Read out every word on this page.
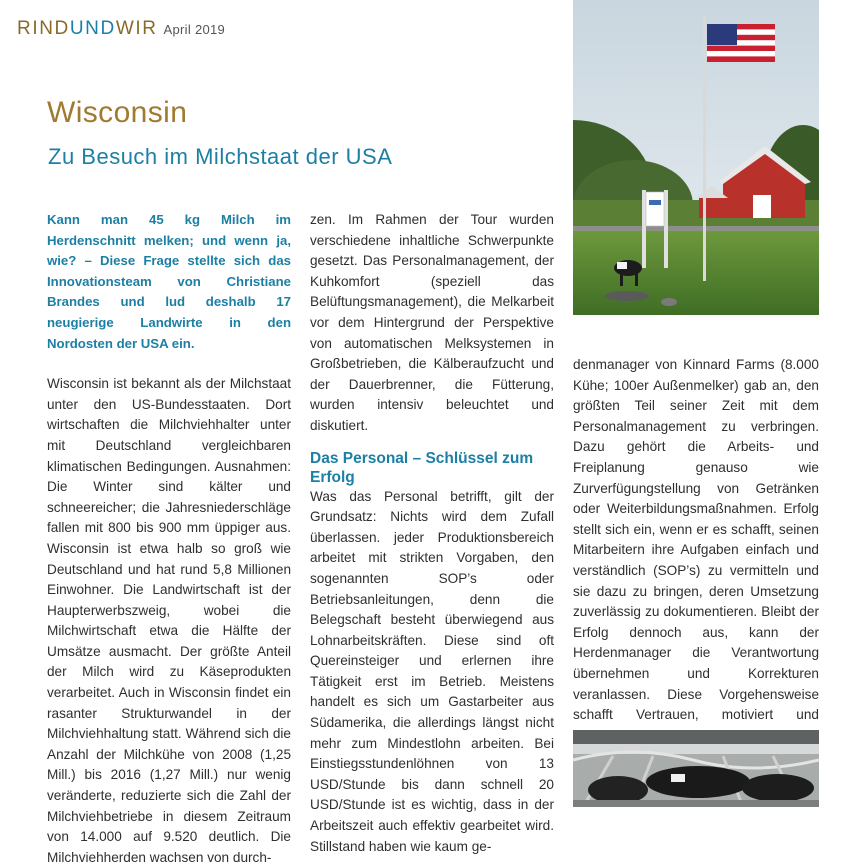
RINDUNDWIR April 2019
Wisconsin
Zu Besuch im Milchstaat der USA

Kann man 45 kg Milch im Herdenschnitt melken; und wenn ja, wie? – Diese Frage stellte sich das Innovationsteam von Christiane Brandes und lud deshalb 17 neugierige Landwirte in den Nordosten der USA ein.

Wisconsin ist bekannt als der Milchstaat unter den US-Bundesstaaten. Dort wirtschaften die Milchviehhalter unter mit Deutschland vergleichbaren klimatischen Bedingungen. Ausnahmen: Die Winter sind kälter und schneereicher; die Jahresniederschläge fallen mit 800 bis 900 mm üppiger aus. Wisconsin ist etwa halb so groß wie Deutschland und hat rund 5,8 Millionen Einwohner. Die Landwirtschaft ist der Haupterwerbszweig, wobei die Milchwirtschaft etwa die Hälfte der Umsätze ausmacht. Der größte Anteil der Milch wird zu Käseprodukten verarbeitet. Auch in Wisconsin findet ein rasanter Strukturwandel in der Milchviehhaltung statt. Während sich die Anzahl der Milchkühe von 2008 (1,25 Mill.) bis 2016 (1,27 Mill.) nur wenig veränderte, reduzierte sich die Zahl der Milchviehbetriebe in diesem Zeitraum von 14.000 auf 9.520 deutlich. Die Milchviehherden wachsen von durch-

zen. Im Rahmen der Tour wurden verschiedene inhaltliche Schwerpunkte gesetzt. Das Personalmanagement, der Kuhkomfort (speziell das Belüftungsmanagement), die Melkarbeit vor dem Hintergrund der Perspektive von automatischen Melksystemen in Großbetrieben, die Kälberaufzucht und der Dauerbrenner, die Fütterung, wurden intensiv beleuchtet und diskutiert.

Das Personal – Schlüssel zum Erfolg

Was das Personal betrifft, gilt der Grundsatz: Nichts wird dem Zufall überlassen. jeder Produktionsbereich arbeitet mit strikten Vorgaben, den sogenannten SOP’s oder Betriebsanleitungen, denn die Belegschaft besteht überwiegend aus Lohnarbeitskräften. Diese sind oft Quereinsteiger und erlernen ihre Tätigkeit erst im Betrieb. Meistens handelt es sich um Gastarbeiter aus Südamerika, die allerdings längst nicht mehr zum Mindestlohn arbeiten. Bei Einstiegsstundenlöhnen von 13 USD/Stunde bis dann schnell 20 USD/Stunde ist es wichtig, dass in der Arbeitszeit auch effektiv gearbeitet wird. Stillstand haben wie kaum ge-

denmanager von Kinnard Farms (8.000 Kühe; 100er Außenmelker) gab an, den größten Teil seiner Zeit mit dem Personalmanagement zu verbringen. Dazu gehört die Arbeits- und Freiplanung genauso wie Zurverfügungstellung von Getränken oder Weiterbildungsmaßnahmen. Erfolg stellt sich ein, wenn er es schafft, seinen Mitarbeitern ihre Aufgaben einfach und verständlich (SOP’s) zu vermitteln und sie dazu zu bringen, deren Umsetzung zuverlässig zu dokumentieren. Bleibt der Erfolg dennoch aus, kann der Herdenmanager die Verantwortung übernehmen und Korrekturen veranlassen. Diese Vorgehensweise schafft Vertrauen, motiviert und
